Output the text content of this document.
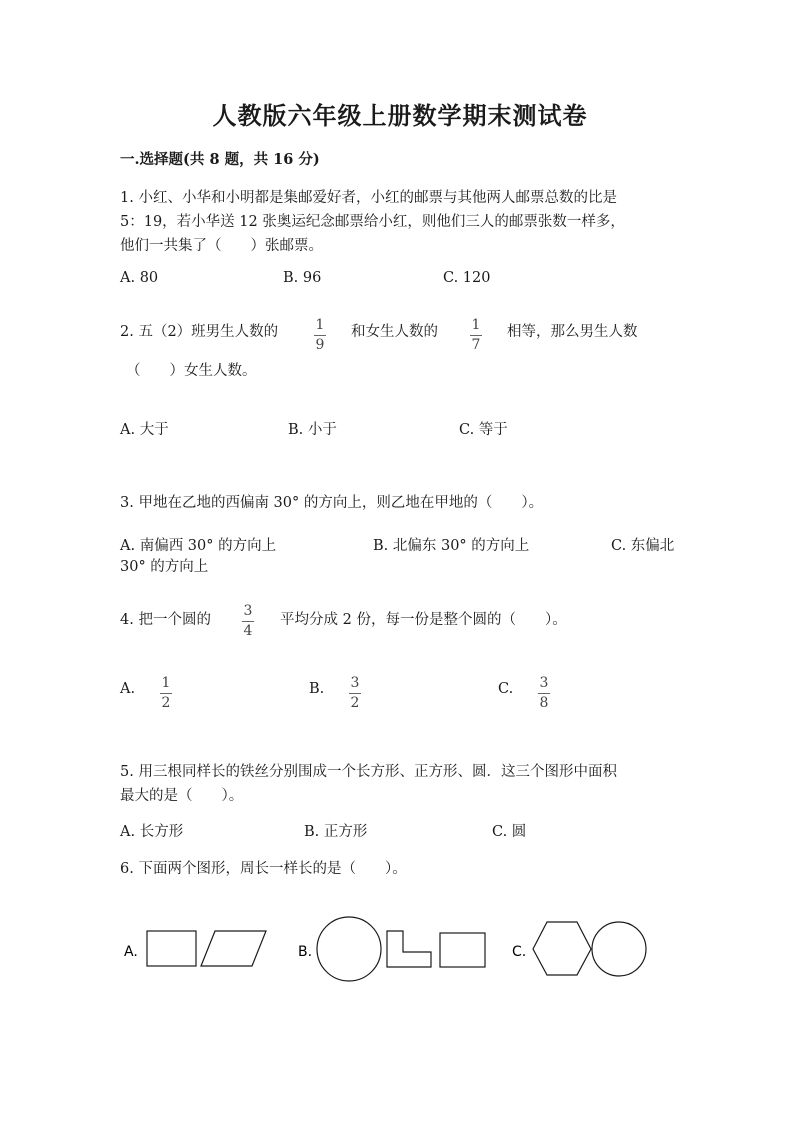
人教版六年级上册数学期末测试卷
一.选择题(共 8 题，共 16 分)
1. 小红、小华和小明都是集邮爱好者，小红的邮票与其他两人邮票总数的比是
5：19，若小华送 12 张奥运纪念邮票给小红，则他们三人的邮票张数一样多，
他们一共集了（　　）张邮票。
A. 80	B. 96	C. 120
2. 五（2）班男生人数的	1
9
和女生人数的 1
7
相等，那么男生人数
（　　）女生人数。
A. 大于	B. 小于	C. 等于
3. 甲地在乙地的西偏南 30° 的方向上，则乙地在甲地的（　　）。
A. 南偏西 30° 的方向上	B. 北偏东 30° 的方向上	C. 东偏北
30° 的方向上
4. 把一个圆的
3
4
平均分成 2 份，每一份是整个圆的（　　）。
A. 1
2
B. 3
2
C. 3
8
5. 用三根同样长的铁丝分别围成一个长方形、正方形、圆．这三个图形中面积
最大的是（　　）。
A. 长方形	B. 正方形	C. 圆
6. 下面两个图形，周长一样长的是（　　）。
A.	B.	C.
